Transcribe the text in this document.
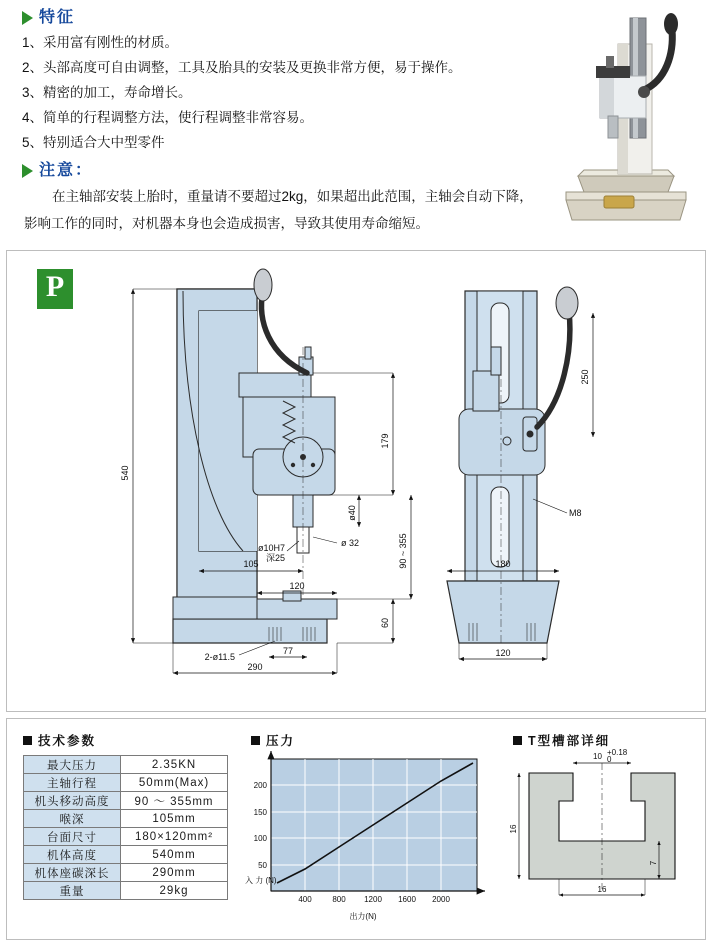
特征
1、采用富有刚性的材质。
2、头部高度可自由调整，工具及胎具的安装及更换非常方便，易于操作。
3、精密的加工，寿命增长。
4、简单的行程调整方法，使行程调整非常容易。
5、特别适合大中型零件
注意：
在主轴部安装上胎时，重量请不要超过2kg，如果超出此范围，主轴会自动下降，影响工作的同时，对机器本身也会造成损害，导致其使用寿命缩短。
P
540
179
90 ~ 355
60
105
120
77
290
2-ø11.5
ø10H7
深25
ø 32
ø40
250
M8
180
120
技术参数
最大压力	2.35KN
主轴行程	50mm(Max)
机头移动高度	90 ～ 355mm
喉深	105mm
台面尺寸	180×120mm²
机体高度	540mm
机体座碳深长	290mm
重量	29kg
压力
50
100
150
200
400	800 1200 1600 2000
入 力 (N)
出力(N)
T型槽部详细
10 +0.18
0
16
7
16
